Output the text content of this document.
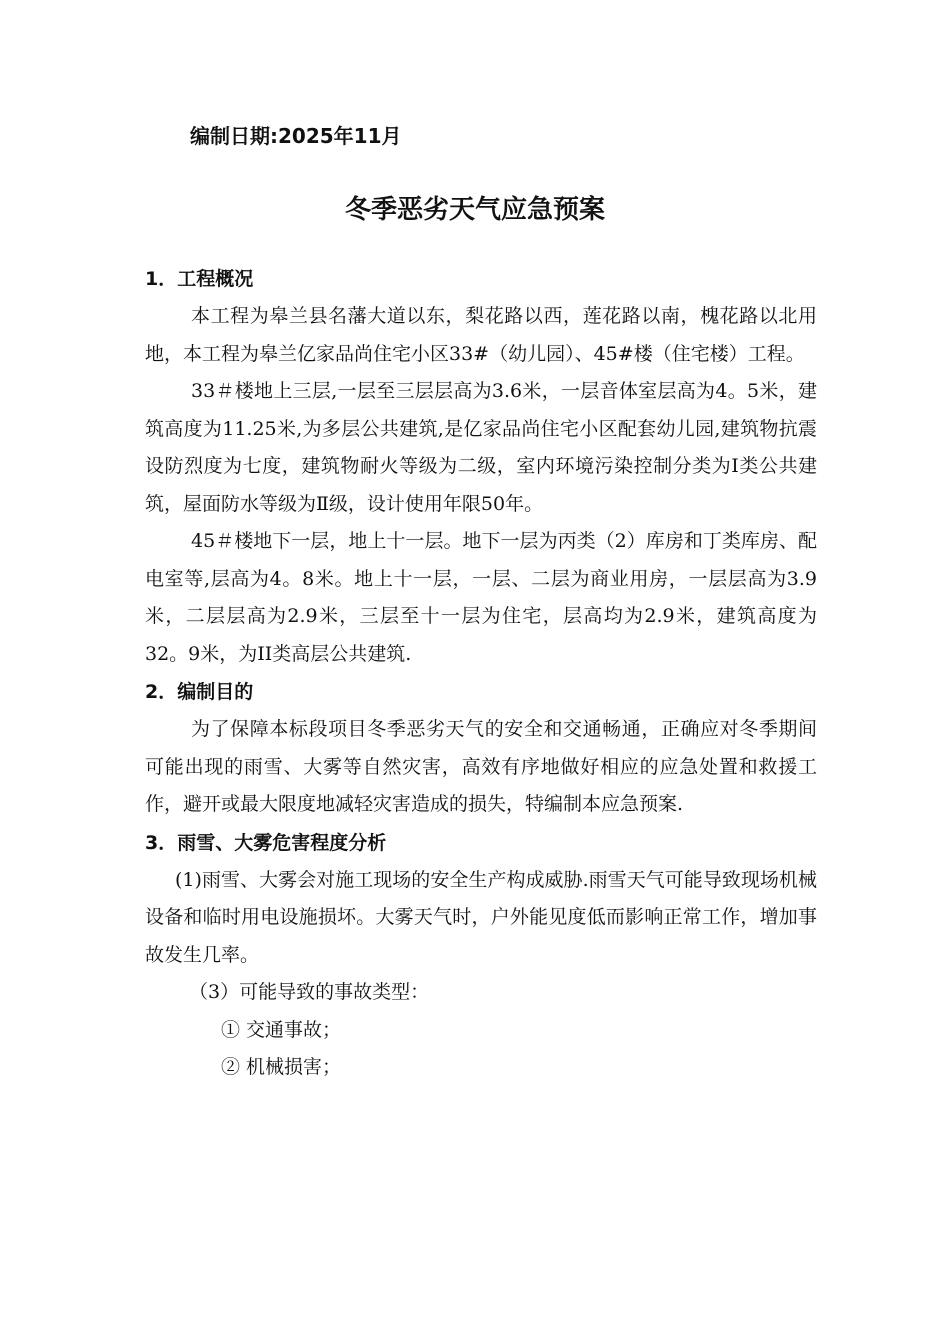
编制日期:2025年11月
冬季恶劣天气应急预案
1．工程概况

本工程为皋兰县名藩大道以东，梨花路以西，莲花路以南，槐花路以北用地，本工程为皋兰亿家品尚住宅小区33#（幼儿园）、45#楼（住宅楼）工程。

33＃楼地上三层,一层至三层层高为3.6米，一层音体室层高为4。5米，建筑高度为11.25米,为多层公共建筑,是亿家品尚住宅小区配套幼儿园,建筑物抗震设防烈度为七度，建筑物耐火等级为二级，室内环境污染控制分类为I类公共建筑，屋面防水等级为Ⅱ级，设计使用年限50年。

45＃楼地下一层，地上十一层。地下一层为丙类（2）库房和丁类库房、配电室等,层高为4。8米。地上十一层，一层、二层为商业用房，一层层高为3.9米，二层层高为2.9米，三层至十一层为住宅，层高均为2.9米，建筑高度为32。9米，为II类高层公共建筑.

2．编制目的

为了保障本标段项目冬季恶劣天气的安全和交通畅通，正确应对冬季期间可能出现的雨雪、大雾等自然灾害，高效有序地做好相应的应急处置和救援工作，避开或最大限度地减轻灾害造成的损失，特编制本应急预案.

3．雨雪、大雾危害程度分析

(1)雨雪、大雾会对施工现场的安全生产构成威胁.雨雪天气可能导致现场机械设备和临时用电设施损坏。大雾天气时，户外能见度低而影响正常工作，增加事故发生几率。

（3）可能导致的事故类型：
① 交通事故；
② 机械损害；
